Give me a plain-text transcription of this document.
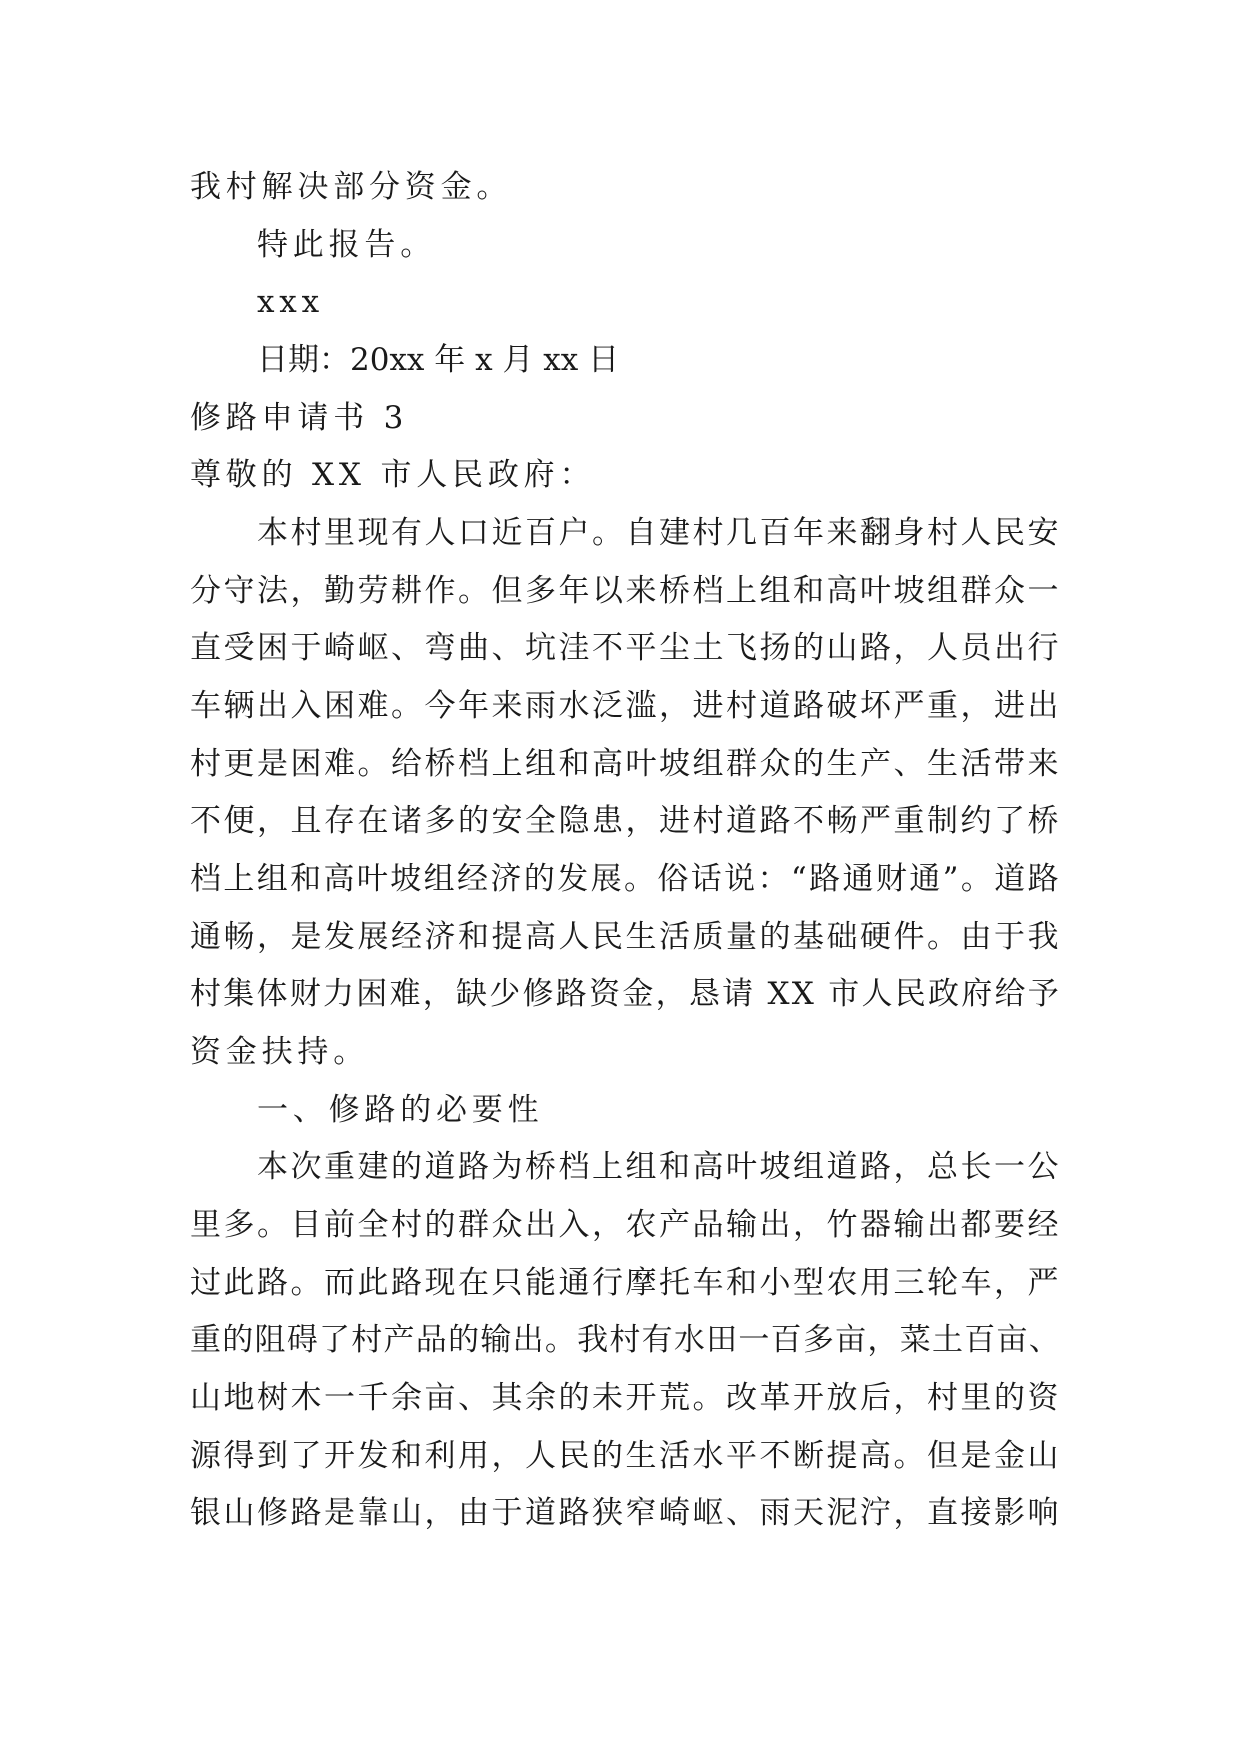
我村解决部分资金。
特此报告。
xxx
日期：20xx 年 x 月 xx 日
修路申请书 3
尊敬的 XX 市人民政府：
本村里现有人口近百户。自建村几百年来翻身村人民安
分守法，勤劳耕作。但多年以来桥档上组和高叶坡组群众一
直受困于崎岖、弯曲、坑洼不平尘土飞扬的山路，人员出行
车辆出入困难。今年来雨水泛滥，进村道路破坏严重，进出
村更是困难。给桥档上组和高叶坡组群众的生产、生活带来
不便，且存在诸多的安全隐患，进村道路不畅严重制约了桥
档上组和高叶坡组经济的发展。俗话说：“路通财通”。道路
通畅，是发展经济和提高人民生活质量的基础硬件。由于我
村集体财力困难，缺少修路资金，恳请 XX 市人民政府给予
资金扶持。
一、修路的必要性
本次重建的道路为桥档上组和高叶坡组道路，总长一公
里多。目前全村的群众出入，农产品输出，竹器输出都要经
过此路。而此路现在只能通行摩托车和小型农用三轮车，严
重的阻碍了村产品的输出。我村有水田一百多亩，菜土百亩、
山地树木一千余亩、其余的未开荒。改革开放后，村里的资
源得到了开发和利用，人民的生活水平不断提高。但是金山
银山修路是靠山，由于道路狭窄崎岖、雨天泥泞，直接影响
